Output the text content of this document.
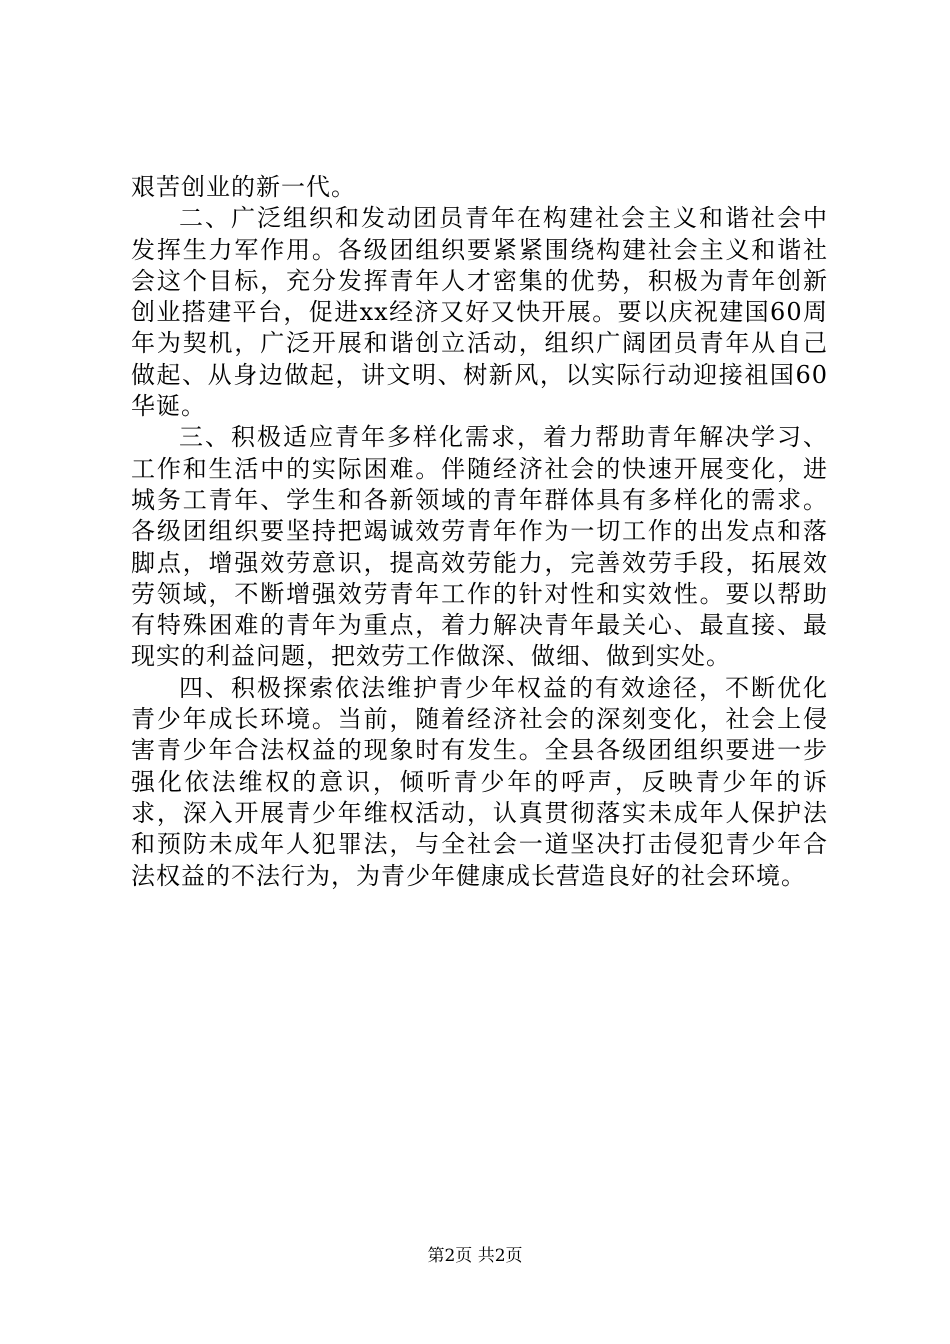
艰苦创业的新一代。

二、广泛组织和发动团员青年在构建社会主义和谐社会中发挥生力军作用。各级团组织要紧紧围绕构建社会主义和谐社会这个目标，充分发挥青年人才密集的优势，积极为青年创新创业搭建平台，促进xx经济又好又快开展。要以庆祝建国60周年为契机，广泛开展和谐创立活动，组织广阔团员青年从自己做起、从身边做起，讲文明、树新风，以实际行动迎接祖国60华诞。

三、积极适应青年多样化需求，着力帮助青年解决学习、工作和生活中的实际困难。伴随经济社会的快速开展变化，进城务工青年、学生和各新领域的青年群体具有多样化的需求。各级团组织要坚持把竭诚效劳青年作为一切工作的出发点和落脚点，增强效劳意识，提高效劳能力，完善效劳手段，拓展效劳领域，不断增强效劳青年工作的针对性和实效性。要以帮助有特殊困难的青年为重点，着力解决青年最关心、最直接、最现实的利益问题，把效劳工作做深、做细、做到实处。

四、积极探索依法维护青少年权益的有效途径，不断优化青少年成长环境。当前，随着经济社会的深刻变化，社会上侵害青少年合法权益的现象时有发生。全县各级团组织要进一步强化依法维权的意识，倾听青少年的呼声，反映青少年的诉求，深入开展青少年维权活动，认真贯彻落实未成年人保护法和预防未成年人犯罪法，与全社会一道坚决打击侵犯青少年合法权益的不法行为，为青少年健康成长营造良好的社会环境。

第2页 共2页
